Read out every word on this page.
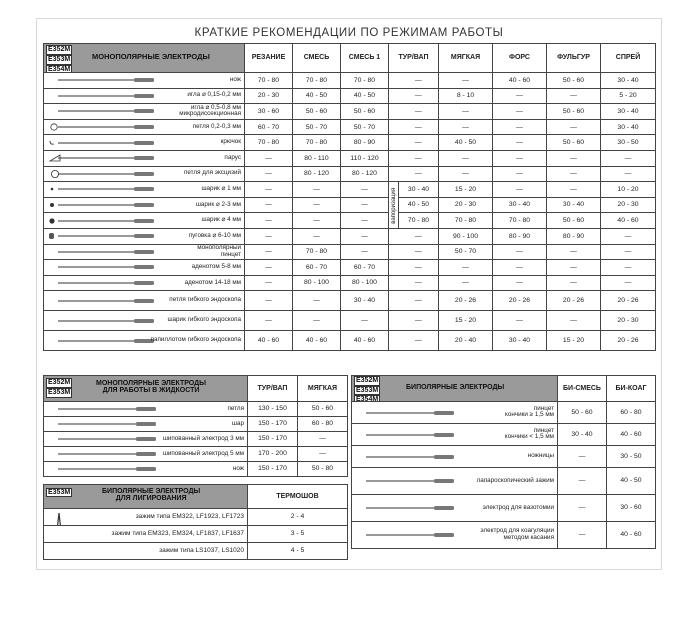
КРАТКИЕ РЕКОМЕНДАЦИИ ПО РЕЖИМАМ РАБОТЫ
E352M
E353M
E354M
МОНОПОЛЯРНЫЕ ЭЛЕКТРОДЫ	РЕЗАНИЕ	СМЕСЬ	СМЕСЬ 1	ТУР/ВАП		МЯГКАЯ	ФОРС	ФУЛЬГУР	СПРЕЙ

нож	70 - 80	70 - 80	70 - 80		—	—	40 - 60	50 - 60	30 - 40

игла ⌀ 0,15-0,2 мм	20 - 30	40 - 50	40 - 50		—	8 - 10	—	—	5 - 20

игла ⌀ 0,5-0,8 мм
микродиссекционная	30 - 60	50 - 60	50 - 60		—	—	—	50 - 60	30 - 40

петля 0,2-0,3 мм	60 - 70	50 - 70	50 - 70		—	—	—	—	30 - 40

крючок	70 - 80	70 - 80	80 - 90		—	40 - 50	—	50 - 60	30 - 50

парус	—	80 - 110	110 - 120		—	—	—	—	—

петля для эксцизий	—	80 - 120	80 - 120		—	—	—	—	—

шарик ⌀ 1 мм	—	—	—	вапоризация	30 - 40	15 - 20	—	—	10 - 20

шарик ⌀ 2-3 мм	—	—	—		40 - 50	20 - 30	30 - 40	30 - 40	20 - 30

шарик ⌀ 4 мм	—	—	—		70 - 80	70 - 80	70 - 80	50 - 60	40 - 60

пуговка ⌀ 6-10 мм	—	—	—		—	90 - 100	80 - 90	80 - 90	—

монополярный
пинцет	—	70 - 80	—		—	50 - 70	—	—	—

аденотом 5-8 мм	—	60 - 70	60 - 70		—	—	—	—	—

аденотом 14-18 мм	—	80 - 100	80 - 100		—	—	—	—	—

петля гибкого эндоскопа	—	—	30 - 40		—	20 - 26	20 - 26	20 - 26	20 - 26

шарик гибкого эндоскопа	—	—	—		—	15 - 20	—	—	20 - 30

папиллотом гибкого эндоскопа	40 - 60	40 - 60	40 - 60		—	20 - 40	30 - 40	15 - 20	20 - 26
E352M
E353M
МОНОПОЛЯРНЫЕ ЭЛЕКТРОДЫ
ДЛЯ РАБОТЫ В ЖИДКОСТИ	ТУР/ВАП	МЯГКАЯ

петля	130 - 150	50 - 60

шар	150 - 170	60 - 80

шипованный электрод 3 мм	150 - 170	—

шипованный электрод 5 мм	170 - 200	—

нож	150 - 170	50 - 80
E353M БИПОЛЯРНЫЕ ЭЛЕКТРОДЫ
ДЛЯ ЛИГИРОВАНИЯ	ТЕРМОШОВ

зажим типа EM322, LF1923, LF1723	2 - 4
зажим типа EM323, EM324, LF1837, LF1637	3 - 5
зажим типа LS1037, LS1020	4 - 5
E352M
E353M
E354M
БИПОЛЯРНЫЕ ЭЛЕКТРОДЫ	БИ-СМЕСЬ	БИ-КОАГ

пинцет
кончики ≥ 1,5 мм	50 - 60	60 - 80

пинцет
кончики < 1,5 мм	30 - 40	40 - 60

ножницы	—	30 - 50

лапароскопический зажим	—	40 - 50

электрод для вазотомии	—	30 - 60

электрод для коагуляции
методом касания	—	40 - 60
